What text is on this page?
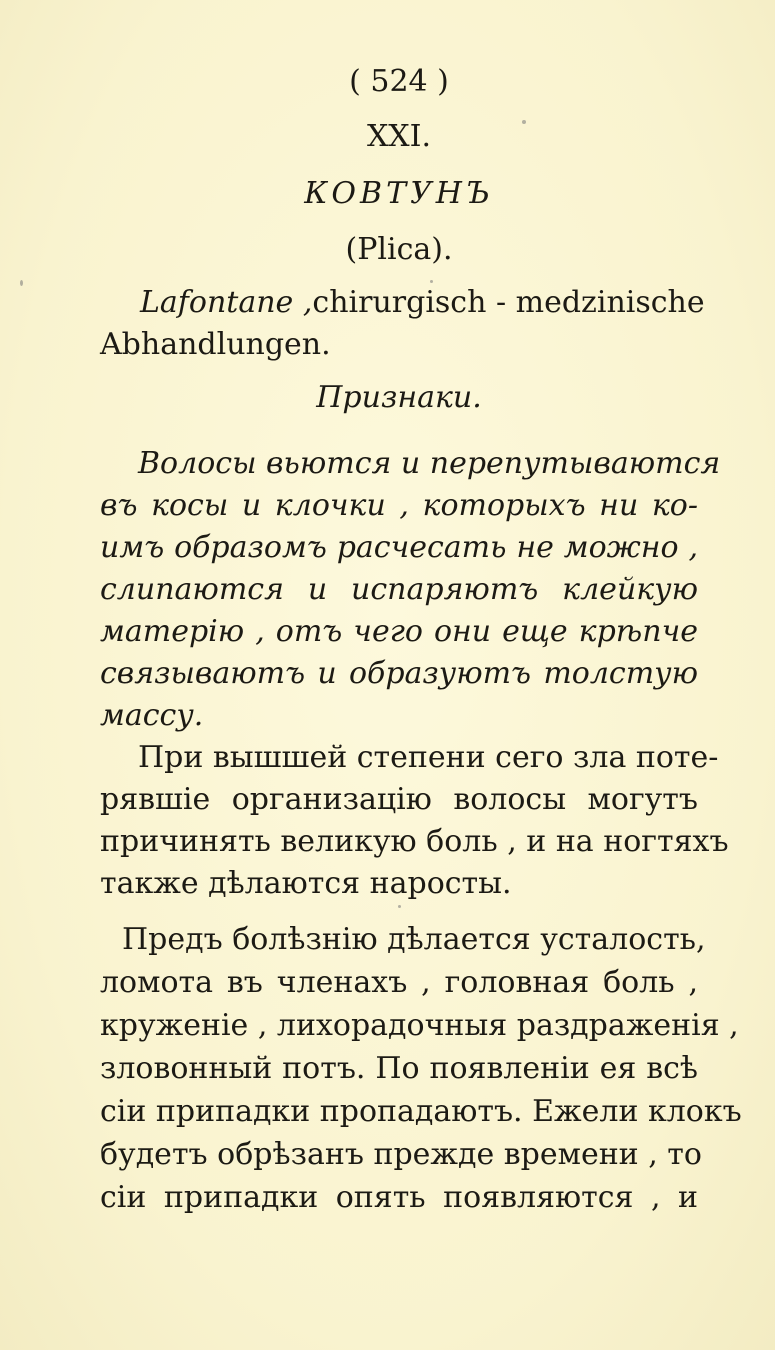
( 524 )
XXI.
КОВТУНЪ
(Plica).
Lafontane , chirurgisch - medzinische
Abhandlungen.
Признаки.
Волосы вьются и перепутываются
въ косы и клочки , которыхъ ни ко-
имъ образомъ расчесать не можно ,
слипаются и испаряютъ клейкую
матерію , отъ чего они еще крѣпче
связываютъ и образуютъ толстую
массу.
При вышшей степени сего зла поте-
рявшіе организацію волосы могутъ
причинять великую боль , и на ногтяхъ
также дѣлаются наросты.
Предъ болѣзнію дѣлается усталость,
ломота въ членахъ , головная боль ,
круженіе , лихорадочныя раздраженія ,
зловонный потъ. По появленіи ея всѣ
сіи припадки пропадаютъ. Ежели клокъ
будетъ обрѣзанъ прежде времени , то
сіи припадки опять появляются , и
